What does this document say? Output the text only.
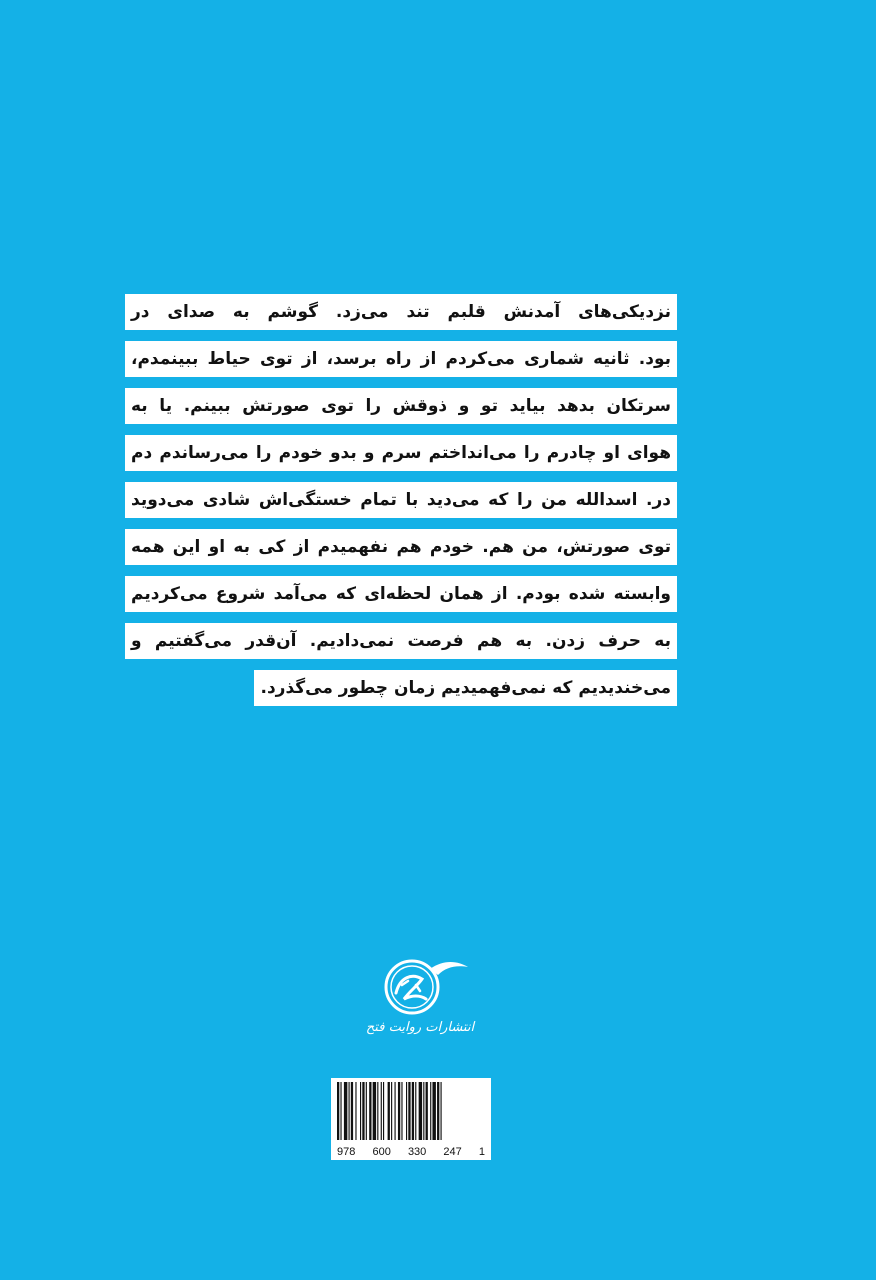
نزدیکی‌های آمدنش قلبم تند می‌زد. گوشم به صدای در
بود. ثانیه شماری می‌کردم از راه برسد، از توی حیاط ببینمدم،
سرتکان بدهد بیاید تو و ذوقش را توی صورتش ببینم. یا به
هوای او چادرم را می‌انداختم سرم و بدو خودم را می‌رساندم دم
در. اسدالله من را که می‌دید با تمام خستگی‌اش شادی می‌دوید
توی صورتش، من هم. خودم هم نفهمیدم از کی به او این همه
وابسته شده بودم. از همان لحظه‌ای که می‌آمد شروع می‌کردیم
به حرف زدن. به هم فرصت نمی‌دادیم. آن‌قدر می‌گفتیم و
می‌خندیدیم که نمی‌فهمیدیم زمان چطور می‌گذرد.
انتشارات روایت فتح
978 600 330 247 1
